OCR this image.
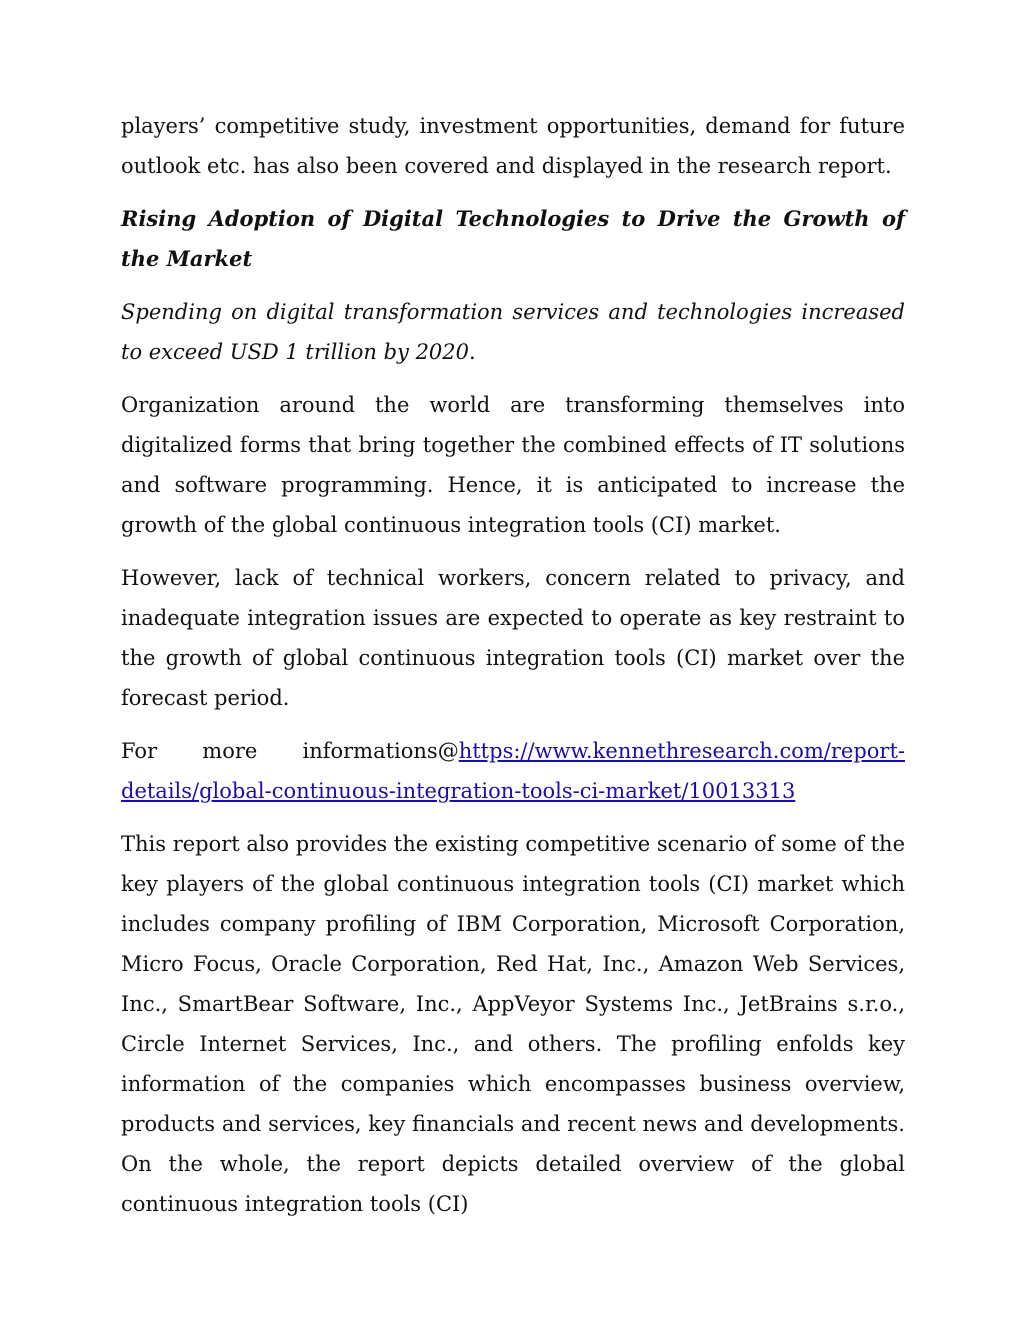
players’ competitive study, investment opportunities, demand for future outlook etc. has also been covered and displayed in the research report.

Rising Adoption of Digital Technologies to Drive the Growth of the Market

Spending on digital transformation services and technologies increased to exceed USD 1 trillion by 2020.

Organization around the world are transforming themselves into digitalized forms that bring together the combined effects of IT solutions and software programming. Hence, it is anticipated to increase the growth of the global continuous integration tools (CI) market.

However, lack of technical workers, concern related to privacy, and inadequate integration issues are expected to operate as key restraint to the growth of global continuous integration tools (CI) market over the forecast period.

For more informations@https://www.kennethresearch.com/report-
details/global-continuous-integration-tools-ci-market/10013313

This report also provides the existing competitive scenario of some of the key players of the global continuous integration tools (CI) market which includes company profiling of IBM Corporation, Microsoft Corporation, Micro Focus, Oracle Corporation, Red Hat, Inc., Amazon Web Services, Inc., SmartBear Software, Inc., AppVeyor Systems Inc., JetBrains s.r.o., Circle Internet Services, Inc., and others. The profiling enfolds key information of the companies which encompasses business overview, products and services, key financials and recent news and developments. On the whole, the report depicts detailed overview of the global continuous integration tools (CI)
